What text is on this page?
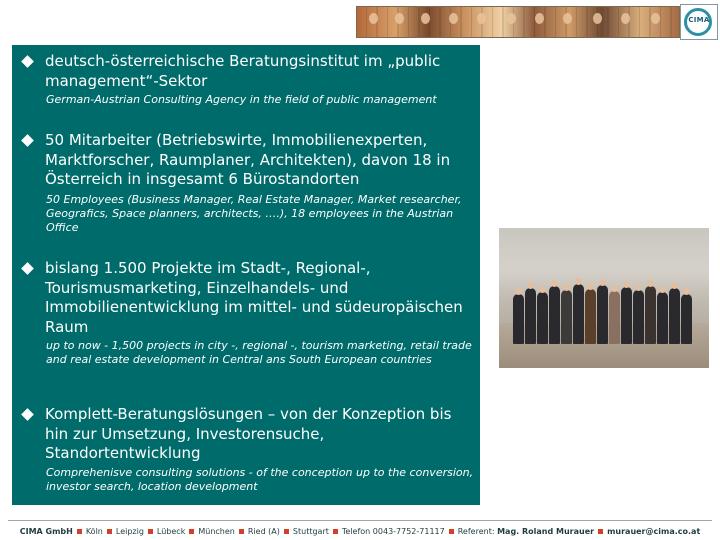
CIMA

deutsch-österreichische Beratungsinstitut im „public management“-Sektor

German-Austrian Consulting Agency in the field of public management

50 Mitarbeiter (Betriebswirte, Immobilienexperten, Marktforscher, Raumplaner, Architekten), davon 18 in Österreich in insgesamt 6 Bürostandorten

50 Employees (Business Manager, Real Estate Manager, Market researcher, Geografics, Space planners, architects, ….), 18 employees in the Austrian Office

bislang 1.500 Projekte im Stadt-, Regional-, Tourismusmarketing, Einzelhandels- und Immobilienentwicklung im mittel- und südeuropäischen Raum

up to now - 1,500 projects in city -, regional -, tourism marketing, retail trade and real estate development in Central ans South European countries

Komplett-Beratungslösungen – von der Konzeption bis hin zur Umsetzung, Investorensuche, Standortentwicklung

Comprehenisve consulting solutions - of the conception up to the conversion, investor search, location development

CIMA GmbH Köln Leipzig Lübeck München Ried (A) Stuttgart Telefon 0043-7752-71117 Referent: Mag. Roland Murauer murauer@cima.co.at
